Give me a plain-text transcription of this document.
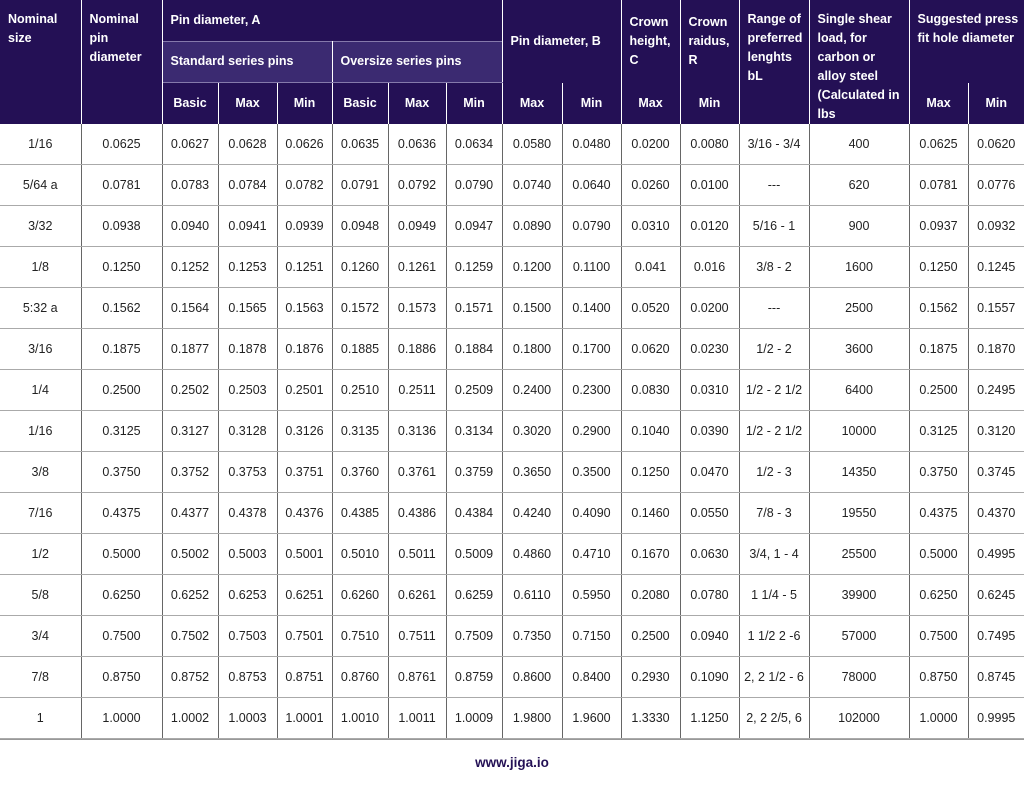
Nominal size	Nominal pin diameter	Pin diameter, A						Pin diameter, B		Crown height, C	Crown raidus, R	Range of preferred lenghts bL	Single shear load, for carbon or alloy steel (Calculated in lbs	Suggested press fit hole diameter	
		Standard series pins			Oversize series pins										
		Basic	Max	Min	Basic	Max	Min	Max	Min	Max	Min			Max	Min
1/16	0.0625	0.0627	0.0628	0.0626	0.0635	0.0636	0.0634	0.0580	0.0480	0.0200	0.0080	3/16 - 3/4	400	0.0625	0.0620
5/64 a	0.0781	0.0783	0.0784	0.0782	0.0791	0.0792	0.0790	0.0740	0.0640	0.0260	0.0100	---	620	0.0781	0.0776
3/32	0.0938	0.0940	0.0941	0.0939	0.0948	0.0949	0.0947	0.0890	0.0790	0.0310	0.0120	5/16 - 1	900	0.0937	0.0932
1/8	0.1250	0.1252	0.1253	0.1251	0.1260	0.1261	0.1259	0.1200	0.1100	0.041	0.016	3/8 - 2	1600	0.1250	0.1245
5:32 a	0.1562	0.1564	0.1565	0.1563	0.1572	0.1573	0.1571	0.1500	0.1400	0.0520	0.0200	---	2500	0.1562	0.1557
3/16	0.1875	0.1877	0.1878	0.1876	0.1885	0.1886	0.1884	0.1800	0.1700	0.0620	0.0230	1/2 - 2	3600	0.1875	0.1870
1/4	0.2500	0.2502	0.2503	0.2501	0.2510	0.2511	0.2509	0.2400	0.2300	0.0830	0.0310	1/2 - 2 1/2	6400	0.2500	0.2495
1/16	0.3125	0.3127	0.3128	0.3126	0.3135	0.3136	0.3134	0.3020	0.2900	0.1040	0.0390	1/2 - 2 1/2	10000	0.3125	0.3120
3/8	0.3750	0.3752	0.3753	0.3751	0.3760	0.3761	0.3759	0.3650	0.3500	0.1250	0.0470	1/2 - 3	14350	0.3750	0.3745
7/16	0.4375	0.4377	0.4378	0.4376	0.4385	0.4386	0.4384	0.4240	0.4090	0.1460	0.0550	7/8 - 3	19550	0.4375	0.4370
1/2	0.5000	0.5002	0.5003	0.5001	0.5010	0.5011	0.5009	0.4860	0.4710	0.1670	0.0630	3/4, 1 - 4	25500	0.5000	0.4995
5/8	0.6250	0.6252	0.6253	0.6251	0.6260	0.6261	0.6259	0.6110	0.5950	0.2080	0.0780	1 1/4 - 5	39900	0.6250	0.6245
3/4	0.7500	0.7502	0.7503	0.7501	0.7510	0.7511	0.7509	0.7350	0.7150	0.2500	0.0940	1 1/2 2 -6	57000	0.7500	0.7495
7/8	0.8750	0.8752	0.8753	0.8751	0.8760	0.8761	0.8759	0.8600	0.8400	0.2930	0.1090	2, 2 1/2 - 6	78000	0.8750	0.8745
1	1.0000	1.0002	1.0003	1.0001	1.0010	1.0011	1.0009	1.9800	1.9600	1.3330	1.1250	2, 2 2/5, 6	102000	1.0000	0.9995
www.jiga.io
